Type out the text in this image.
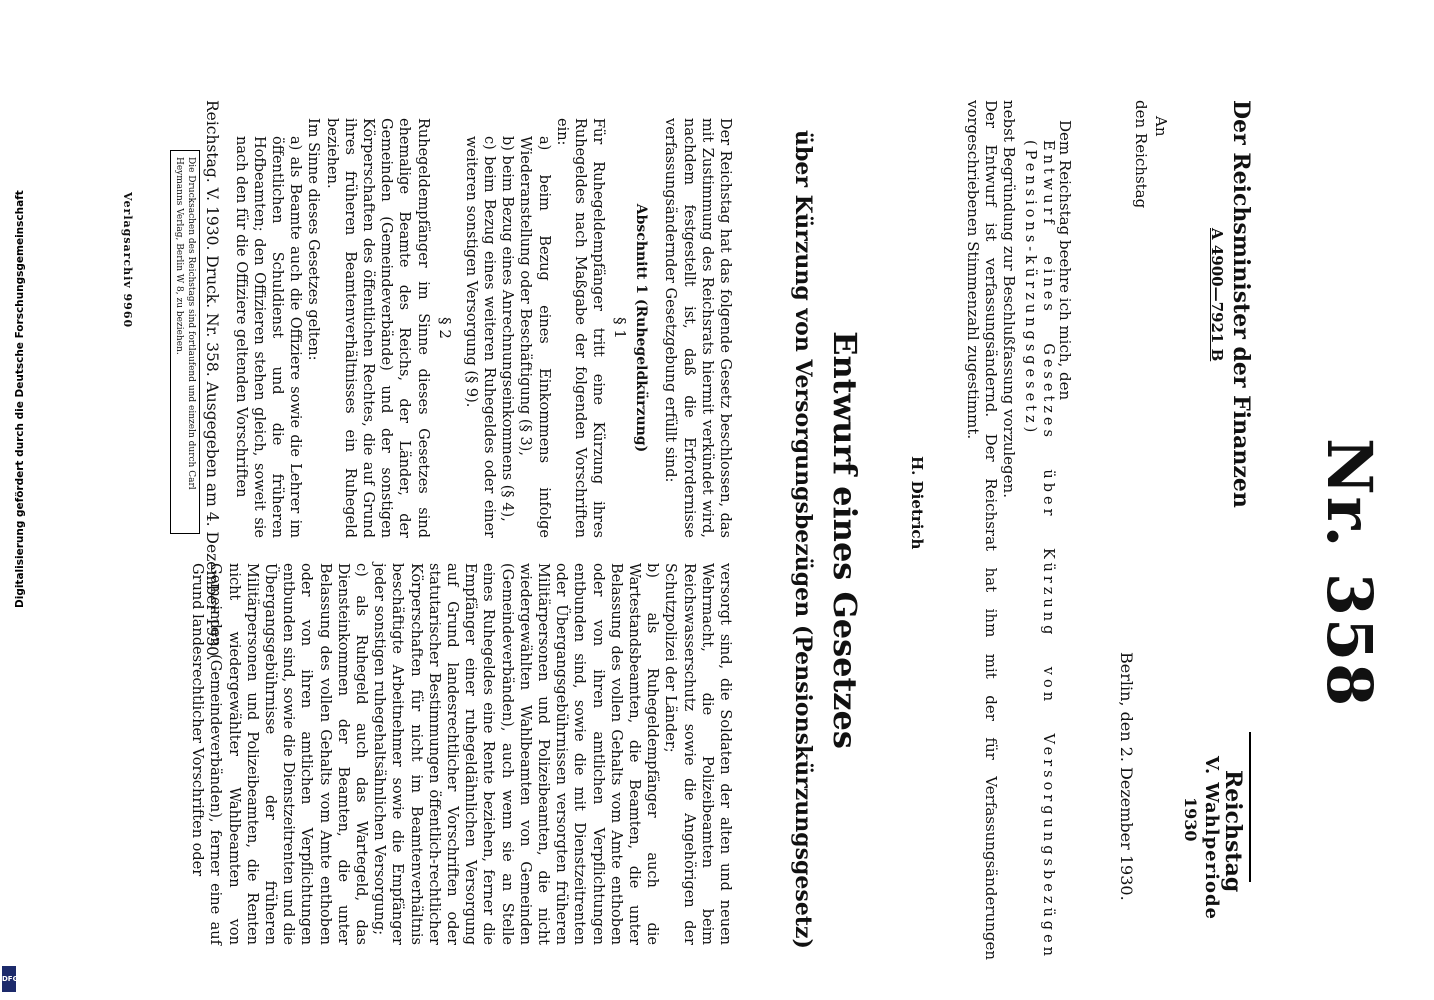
Digitalisierung gefördert durch die Deutsche Forschungsgemeinschaft
DFG
Nr. 358
Reichstag
V. Wahlperiode
1930
Der Reichsminister der Finanzen
A 4900—7921 B
Berlin, den 2. Dezember 1930.
An
den Reichstag
Dem Reichstag beehre ich mich, den
Entwurf eines Gesetzes über Kürzung von Versorgungsbezügen (Pensions-kürzungsgesetz)
nebst Begründung zur Beschlußfassung vorzulegen.
Der Entwurf ist verfassungsändernd. Der Reichsrat hat ihm mit der für Verfassungsänderungen vorgeschriebenen Stimmenzahl zugestimmt.
H. Dietrich
Entwurf eines Gesetzes
über Kürzung von Versorgungsbezügen (Pensionskürzungsgesetz)
Der Reichstag hat das folgende Gesetz beschlossen, das mit Zustimmung des Reichsrats hiermit verkündet wird, nachdem festgestellt ist, daß die Erfordernisse verfassungsändernder Gesetzgebung erfüllt sind:
Abschnitt 1 (Ruhegeldkürzung)
§ 1
Für Ruhegeldempfänger tritt eine Kürzung ihres Ruhegeldes nach Maßgabe der folgenden Vorschriften ein:
a) beim Bezug eines Einkommens infolge Wiederanstellung oder Beschäftigung (§ 3),
b) beim Bezug eines Anrechnungseinkommens (§ 4),
c) beim Bezug eines weiteren Ruhegeldes oder einer weiteren sonstigen Versorgung (§ 9).
§ 2
Ruhegeldempfänger im Sinne dieses Gesetzes sind ehemalige Beamte des Reichs, der Länder, der Gemeinden (Gemeindeverbände) und der sonstigen Körperschaften des öffentlichen Rechtes, die auf Grund ihres früheren Beamtenverhältnisses ein Ruhegeld beziehen.
Im Sinne dieses Gesetzes gelten:
a) als Beamte auch die Offiziere sowie die Lehrer im öffentlichen Schuldienst und die früheren Hofbeamten; den Offizieren stehen gleich, soweit sie nach den für die Offiziere geltenden Vorschriften
versorgt sind, die Soldaten der alten und neuen Wehrmacht, die Polizeibeamten beim Reichswasserschutz sowie die Angehörigen der Schutzpolizei der Länder;
b) als Ruhegeldempfänger auch die Wartestandsbeamten, die Beamten, die unter Belassung des vollen Gehalts vom Amte enthoben oder von ihren amtlichen Verpflichtungen entbunden sind, sowie die mit Dienstzeitrenten oder Übergangsgebührnissen versorgten früheren Militärpersonen und Polizeibeamten, die nicht wiedergewählten Wahlbeamten von Gemeinden (Gemeindeverbänden), auch wenn sie an Stelle eines Ruhegeldes eine Rente beziehen, ferner die Empfänger einer ruhegeldähnlichen Versorgung auf Grund landesrechtlicher Vorschriften oder statutarischer Bestimmungen öffentlich-rechtlicher Körperschaften für nicht im Beamtenverhältnis beschäftigte Arbeitnehmer sowie die Empfänger jeder sonstigen ruhegehaltsähnlichen Versorgung;
c) als Ruhegeld auch das Wartegeld, das Diensteinkommen der Beamten, die unter Belassung des vollen Gehalts vom Amte enthoben oder von ihren amtlichen Verpflichtungen entbunden sind, sowie die Dienstzeitrenten und die Übergangsgebührnisse der früheren Militärpersonen und Polizeibeamten, die Renten nicht wiedergewählter Wahlbeamten von Gemeinden (Gemeindeverbänden), ferner eine auf Grund landesrechtlicher Vorschriften oder
Die Drucksachen des Reichstags sind fortlaufend und einzeln durch Carl Heymanns Verlag, Berlin W 8, zu beziehen.	Reichstag. V. 1930. Druck. Nr. 358. Ausgegeben am 4. Dezember 1930.
Verlagsarchiv 9960
